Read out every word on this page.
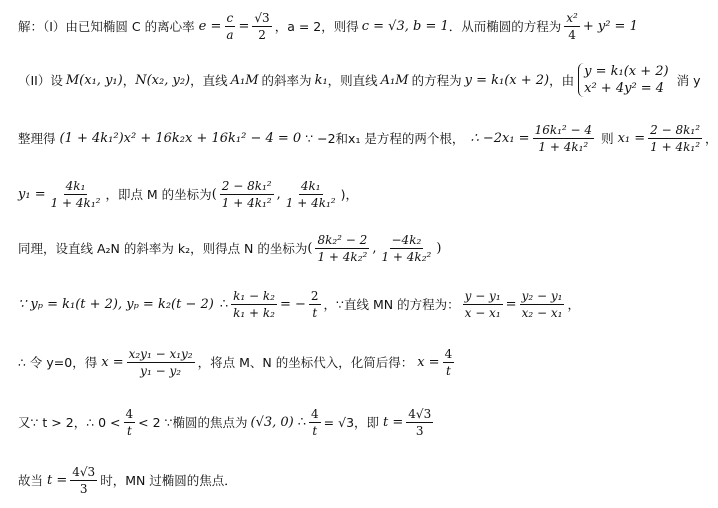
解：（I）由已知椭圆 C 的离心率 $e = \frac{c}{a} = \frac{√3}{2}$ ，a = 2，则得 c = √3, b = 1 ．从而椭圆的方程为 $\frac{\text{x²}}{4} + y^2 = 1$
（II）设 M(x₁, y₁) ， N(x₂, y₂) ，直线 A₁M 的斜率为 k₁ ，则直线 A₁M 的方程为 y = k₁(x + 2) ，由
y = k₁(x + 2)
x² + 4y² = 4
消 y
整理得 (1 + 4k₁²)x² + 16k₂x + 16k₁² − 4 = 0 ∵ −2和x₁ 是方程的两个根， ∴ $-2x_1 = \frac{\text{16k₁² − 4}}{\text{1 + 4k₁²}}$ 则 $x_1 = \frac{\text{2 − 8k₁²}}{\text{1 + 4k₁²}}$ ，
$y_1 = \frac{\text{4k₁}}{\text{1 + 4k₁²}}$ ，即点 M 的坐标为 ( $\frac{\text{2 − 8k₁²}}{\text{1 + 4k₁²}}$ , $\frac{\text{4k₁}}{\text{1 + 4k₁²}}$ )，
同理，设直线 A₂N 的斜率为 k₂，则得点 N 的坐标为 ( $\frac{\text{8k₂² − 2}}{\text{1 + 4k₂²}}$ , $\frac{\text{−4k₂}}{\text{1 + 4k₂²}}$ )
∵ yₚ = k₁(t + 2), yₚ = k₂(t − 2) ∴ $\frac{\text{k₁ − k₂}}{\text{k₁ + k₂}}$ = − $\frac{2}{t}$ ，∵直线 MN 的方程为： $\frac{\text{y − y₁}}{\text{x − x₁}} = \frac{\text{y₂ − y₁}}{\text{x₂ − x₁}}$ ，
∴ 令 y=0，得 $x = \frac{\text{x₂y₁ − x₁y₂}}{\text{y₁ − y₂}}$ ，将点 M、N 的坐标代入，化简后得： $x = \frac{4}{t}$
又∵ t > 2，∴ $0 < \frac{4}{t} < 2$ ∵椭圆的焦点为 (√3, 0) ∴ $\frac{4}{t} = √3$，即 $t = \frac{4√3}{3}$
故当 $t = \frac{4√3}{3}$ 时，MN 过椭圆的焦点．
